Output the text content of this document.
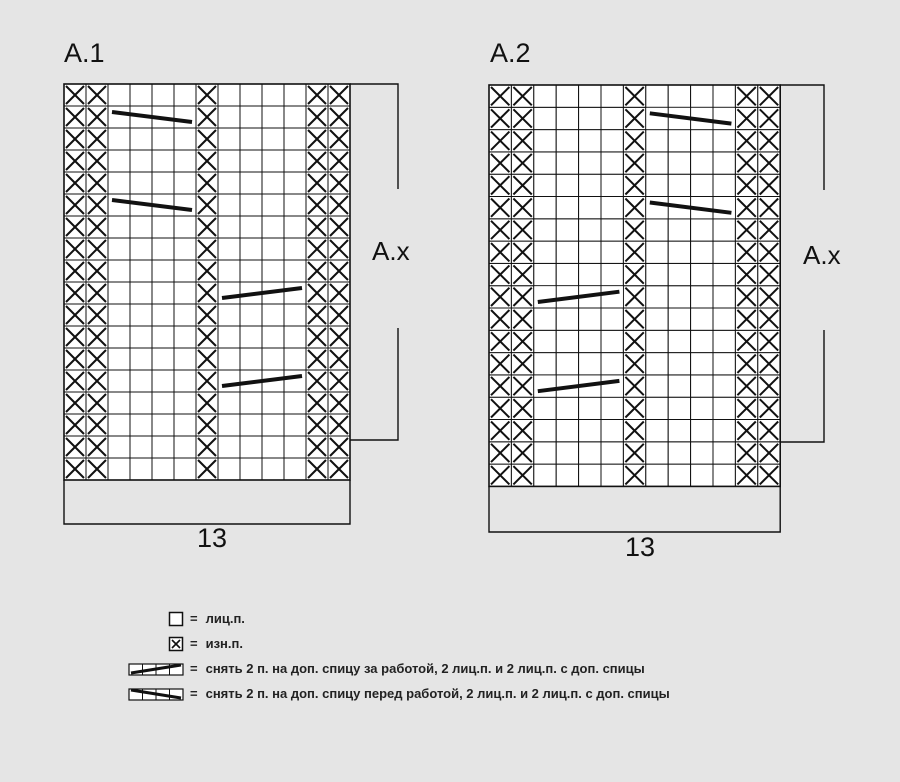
A.1	A.2
A.x	A.x
13	13
= лиц.п.
= изн.п.
= снять 2 п. на доп. спицу за работой, 2 лиц.п. и 2 лиц.п. с доп. спицы
= снять 2 п. на доп. спицу перед работой, 2 лиц.п. и 2 лиц.п. с доп. спицы
